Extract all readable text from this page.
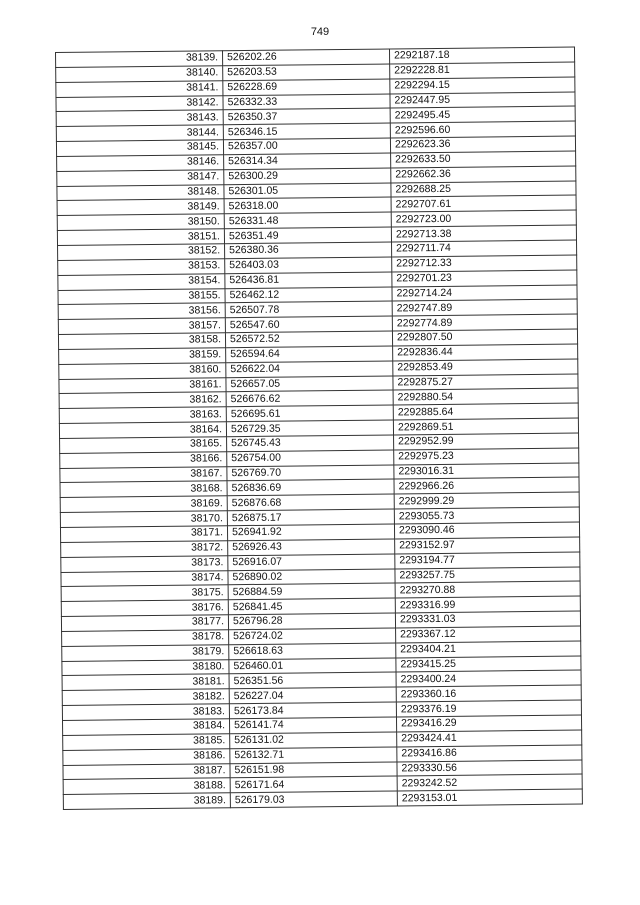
749
38139.	526202.26	2292187.18
38140.	526203.53	2292228.81
38141.	526228.69	2292294.15
38142.	526332.33	2292447.95
38143.	526350.37	2292495.45
38144.	526346.15	2292596.60
38145.	526357.00	2292623.36
38146.	526314.34	2292633.50
38147.	526300.29	2292662.36
38148.	526301.05	2292688.25
38149.	526318.00	2292707.61
38150.	526331.48	2292723.00
38151.	526351.49	2292713.38
38152.	526380.36	2292711.74
38153.	526403.03	2292712.33
38154.	526436.81	2292701.23
38155.	526462.12	2292714.24
38156.	526507.78	2292747.89
38157.	526547.60	2292774.89
38158.	526572.52	2292807.50
38159.	526594.64	2292836.44
38160.	526622.04	2292853.49
38161.	526657.05	2292875.27
38162.	526676.62	2292880.54
38163.	526695.61	2292885.64
38164.	526729.35	2292869.51
38165.	526745.43	2292952.99
38166.	526754.00	2292975.23
38167.	526769.70	2293016.31
38168.	526836.69	2292966.26
38169.	526876.68	2292999.29
38170.	526875.17	2293055.73
38171.	526941.92	2293090.46
38172.	526926.43	2293152.97
38173.	526916.07	2293194.77
38174.	526890.02	2293257.75
38175.	526884.59	2293270.88
38176.	526841.45	2293316.99
38177.	526796.28	2293331.03
38178.	526724.02	2293367.12
38179.	526618.63	2293404.21
38180.	526460.01	2293415.25
38181.	526351.56	2293400.24
38182.	526227.04	2293360.16
38183.	526173.84	2293376.19
38184.	526141.74	2293416.29
38185.	526131.02	2293424.41
38186.	526132.71	2293416.86
38187.	526151.98	2293330.56
38188.	526171.64	2293242.52
38189.	526179.03	2293153.01
